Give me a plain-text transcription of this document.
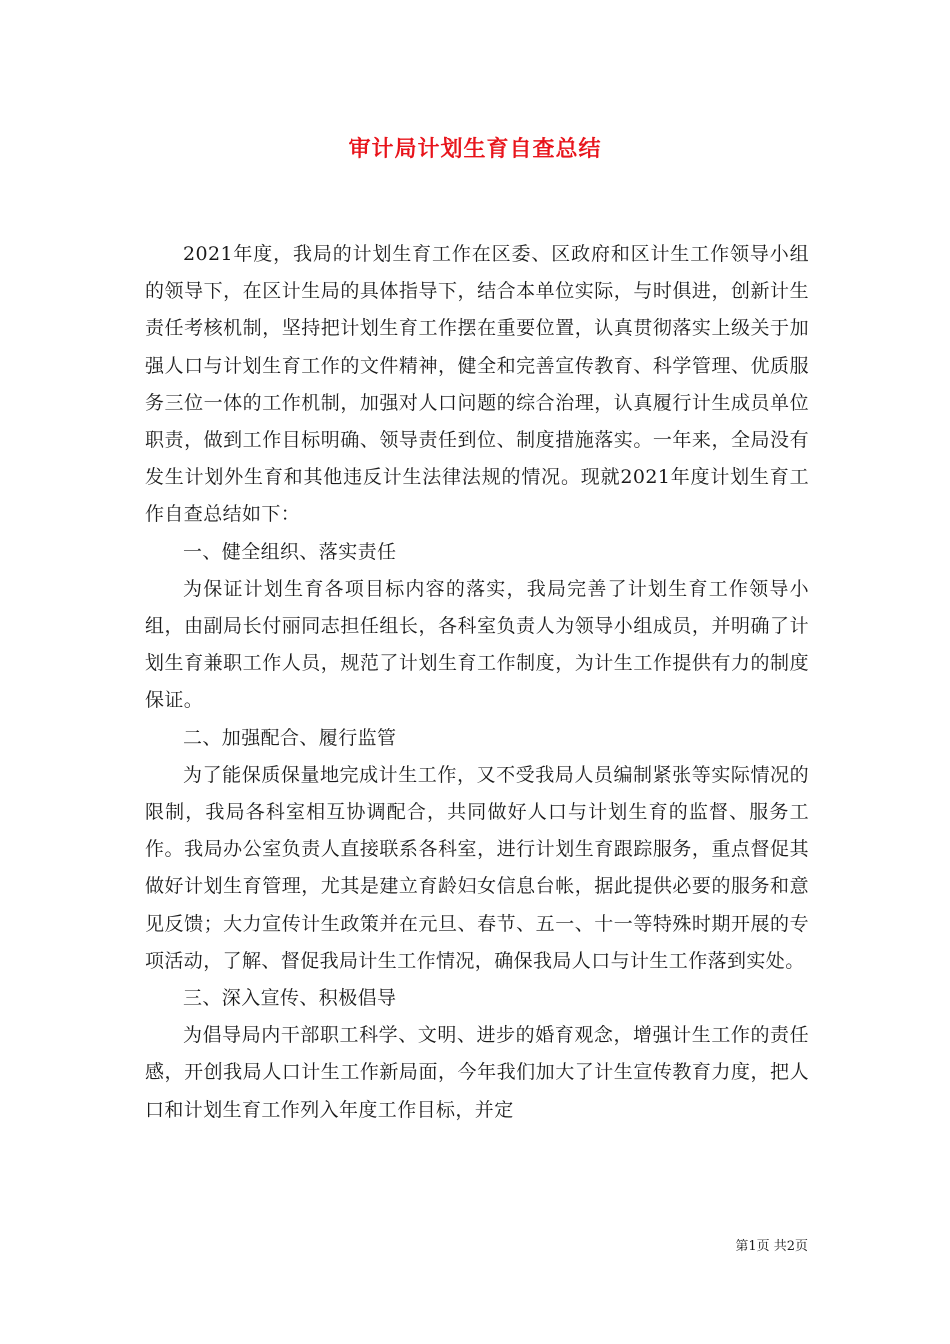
审计局计划生育自查总结

2021年度，我局的计划生育工作在区委、区政府和区计生工作领导小组的领导下，在区计生局的具体指导下，结合本单位实际，与时俱进，创新计生责任考核机制，坚持把计划生育工作摆在重要位置，认真贯彻落实上级关于加强人口与计划生育工作的文件精神，健全和完善宣传教育、科学管理、优质服务三位一体的工作机制，加强对人口问题的综合治理，认真履行计生成员单位职责，做到工作目标明确、领导责任到位、制度措施落实。一年来，全局没有发生计划外生育和其他违反计生法律法规的情况。现就2021年度计划生育工作自查总结如下：

一、健全组织、落实责任

为保证计划生育各项目标内容的落实，我局完善了计划生育工作领导小组，由副局长付丽同志担任组长，各科室负责人为领导小组成员，并明确了计划生育兼职工作人员，规范了计划生育工作制度，为计生工作提供有力的制度保证。

二、加强配合、履行监管

为了能保质保量地完成计生工作，又不受我局人员编制紧张等实际情况的限制，我局各科室相互协调配合，共同做好人口与计划生育的监督、服务工作。我局办公室负责人直接联系各科室，进行计划生育跟踪服务，重点督促其做好计划生育管理，尤其是建立育龄妇女信息台帐，据此提供必要的服务和意见反馈；大力宣传计生政策并在元旦、春节、五一、十一等特殊时期开展的专项活动，了解、督促我局计生工作情况，确保我局人口与计生工作落到实处。

三、深入宣传、积极倡导

为倡导局内干部职工科学、文明、进步的婚育观念，增强计生工作的责任感，开创我局人口计生工作新局面，今年我们加大了计生宣传教育力度，把人口和计划生育工作列入年度工作目标，并定

第1页 共2页
